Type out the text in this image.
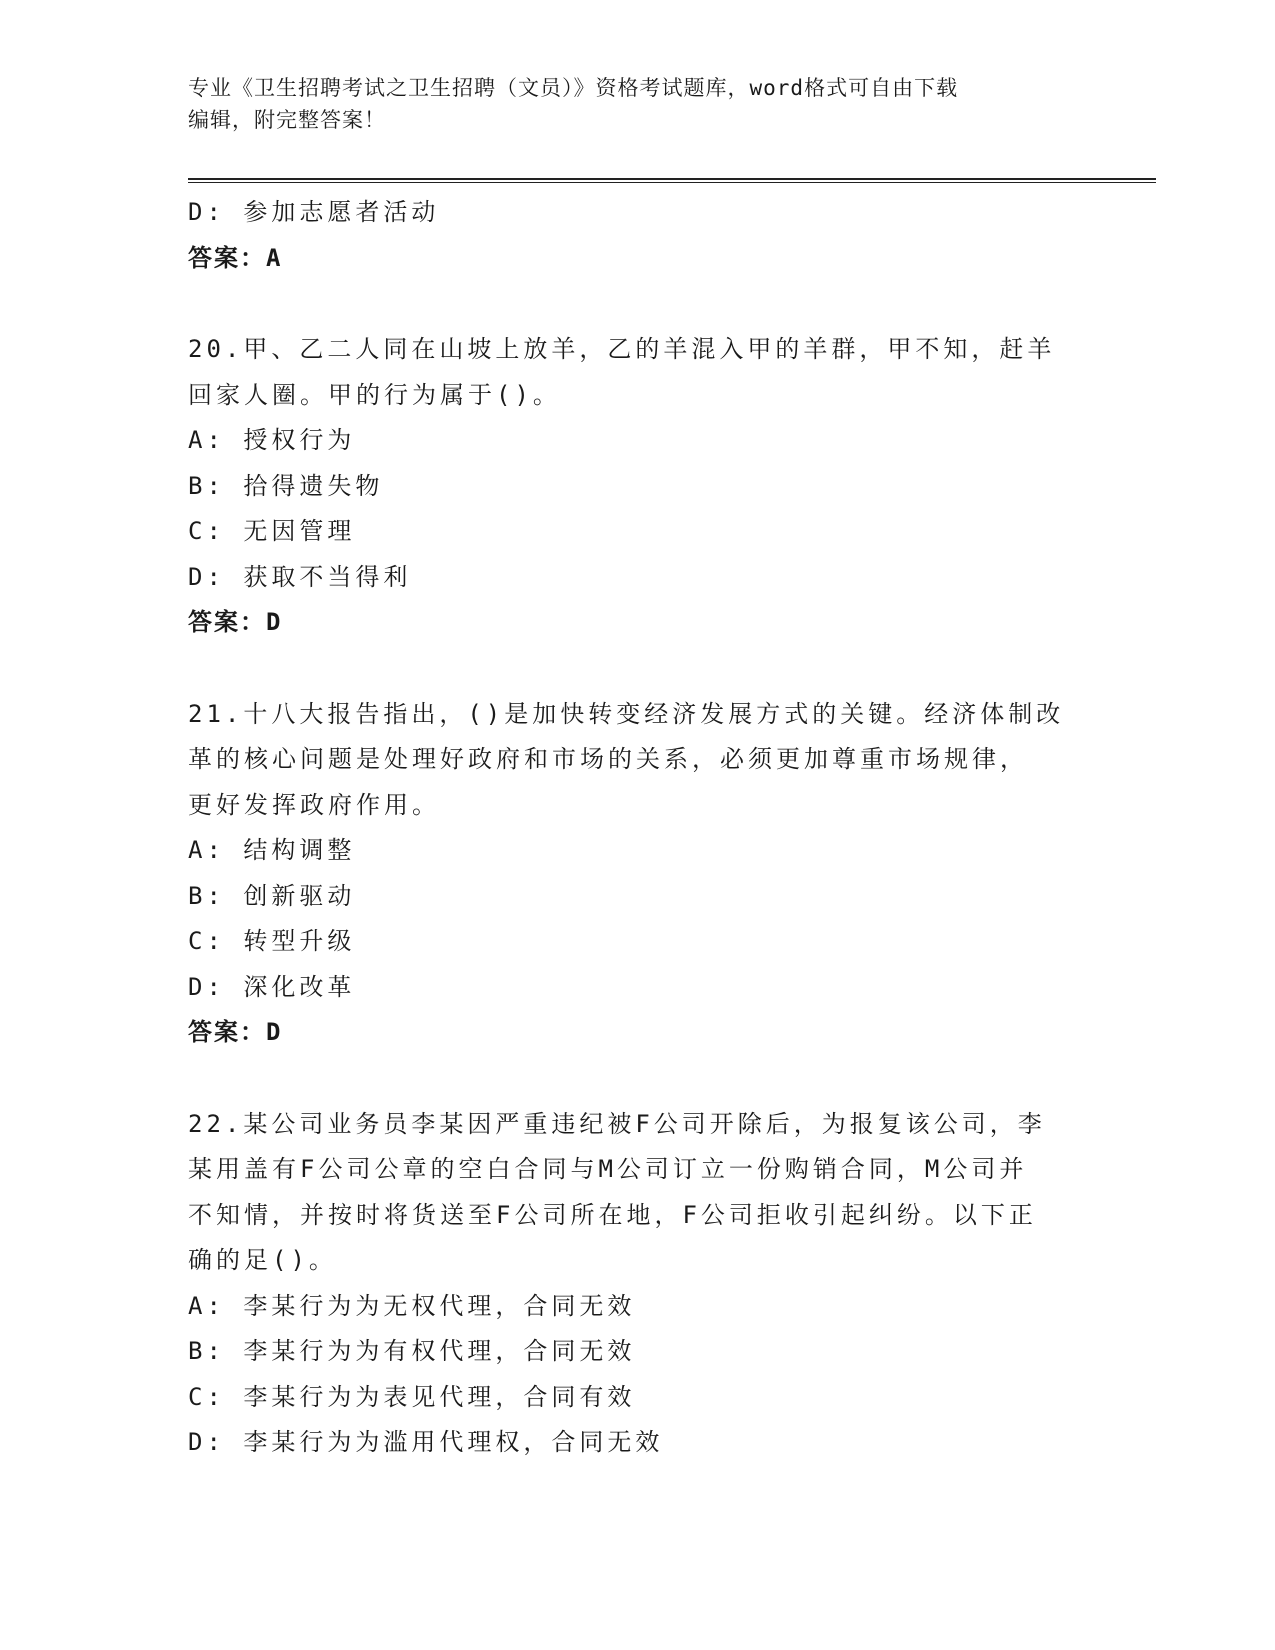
专业《卫生招聘考试之卫生招聘（文员）》资格考试题库，word格式可自由下载
编辑，附完整答案！
D: 参加志愿者活动
答案：A
20.甲、乙二人同在山坡上放羊，乙的羊混入甲的羊群，甲不知，赶羊
回家人圈。甲的行为属于()。
A: 授权行为
B: 拾得遗失物
C: 无因管理
D: 获取不当得利
答案：D
21.十八大报告指出，()是加快转变经济发展方式的关键。经济体制改
革的核心问题是处理好政府和市场的关系，必须更加尊重市场规律，
更好发挥政府作用。
A: 结构调整
B: 创新驱动
C: 转型升级
D: 深化改革
答案：D
22.某公司业务员李某因严重违纪被F公司开除后，为报复该公司，李
某用盖有F公司公章的空白合同与M公司订立一份购销合同，M公司并
不知情，并按时将货送至F公司所在地，F公司拒收引起纠纷。以下正
确的足()。
A: 李某行为为无权代理，合同无效
B: 李某行为为有权代理，合同无效
C: 李某行为为表见代理，合同有效
D: 李某行为为滥用代理权，合同无效
